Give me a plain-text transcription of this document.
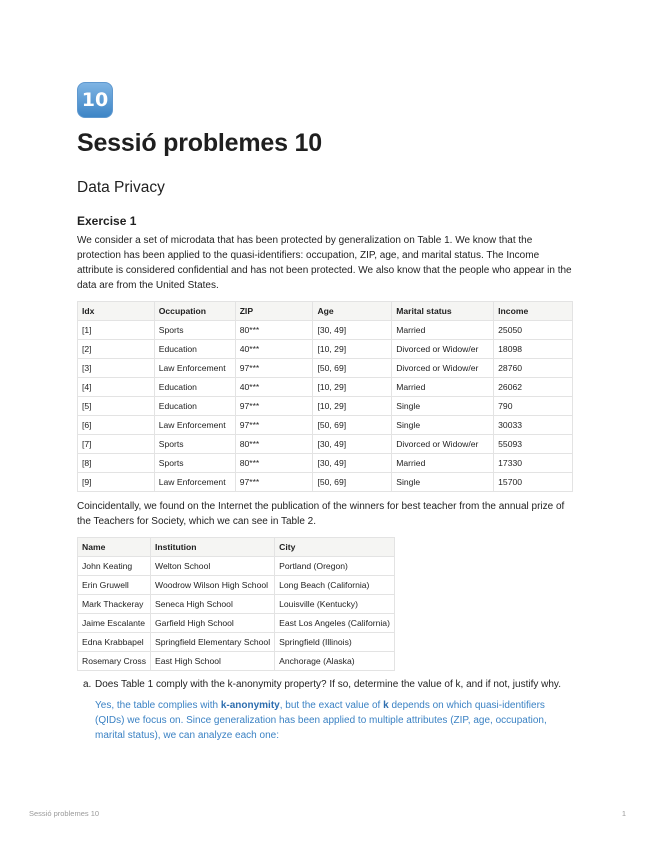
10
Sessió problemes 10
Data Privacy
Exercise 1

We consider a set of microdata that has been protected by generalization on Table 1. We know that the protection has been applied to the quasi-identifiers: occupation, ZIP, age, and marital status. The Income attribute is considered confidential and has not been protected. We also know that the people who appear in the data are from the United States.

Idx	Occupation	ZIP	Age	Marital status	Income
[1]	Sports	80***	[30, 49]	Married	25050
[2]	Education	40***	[10, 29]	Divorced or Widow/er	18098
[3]	Law Enforcement	97***	[50, 69]	Divorced or Widow/er	28760
[4]	Education	40***	[10, 29]	Married	26062
[5]	Education	97***	[10, 29]	Single	790
[6]	Law Enforcement	97***	[50, 69]	Single	30033
[7]	Sports	80***	[30, 49]	Divorced or Widow/er	55093
[8]	Sports	80***	[30, 49]	Married	17330
[9]	Law Enforcement	97***	[50, 69]	Single	15700

Coincidentally, we found on the Internet the publication of the winners for best teacher from the annual prize of the Teachers for Society, which we can see in Table 2.

Name	Institution	City
John Keating	Welton School	Portland (Oregon)
Erin Gruwell	Woodrow Wilson High School	Long Beach (California)
Mark Thackeray	Seneca High School	Louisville (Kentucky)
Jaime Escalante	Garfield High School	East Los Angeles (California)
Edna Krabbapel	Springfield Elementary School	Springfield (Illinois)
Rosemary Cross	East High School	Anchorage (Alaska)
a. Does Table 1 comply with the k-anonymity property? If so, determine the value of k, and if not, justify why.
Yes, the table complies with k-anonymity, but the exact value of k depends on which quasi-identifiers (QIDs) we focus on. Since generalization has been applied to multiple attributes (ZIP, age, occupation, marital status), we can analyze each one:
Sessió problemes 10	1
